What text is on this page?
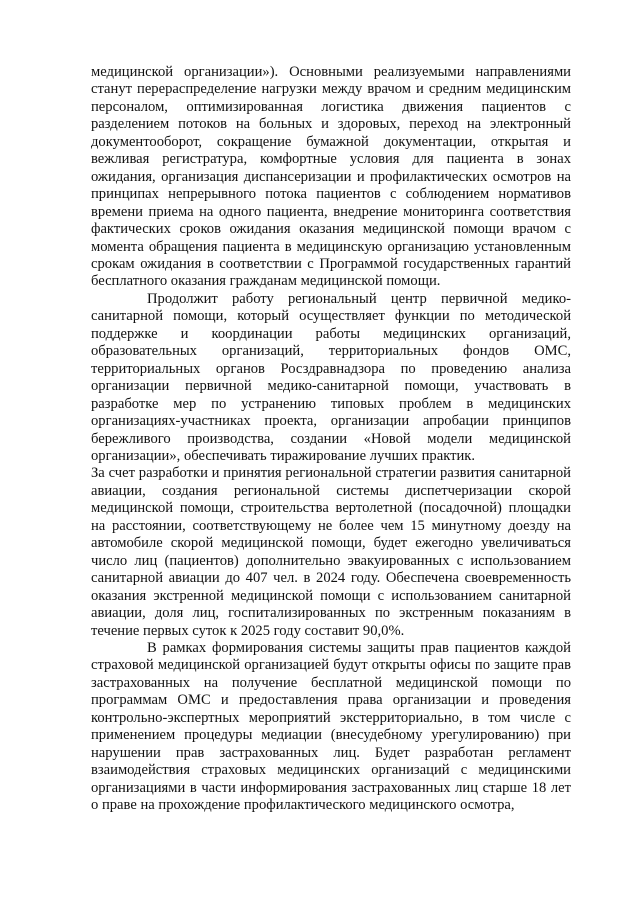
медицинской организации»). Основными реализуемыми направлениями станут перераспределение нагрузки между врачом и средним медицинским персоналом, оптимизированная логистика движения пациентов с разделением потоков на больных и здоровых, переход на электронный документооборот, сокращение бумажной документации, открытая и вежливая регистратура, комфортные условия для пациента в зонах ожидания, организация диспансеризации и профилактических осмотров на принципах непрерывного потока пациентов с соблюдением нормативов времени приема на одного пациента, внедрение мониторинга соответствия фактических сроков ожидания оказания медицинской помощи врачом с момента обращения пациента в медицинскую организацию установленным срокам ожидания в соответствии с Программой государственных гарантий бесплатного оказания гражданам медицинской помощи.

Продолжит работу региональный центр первичной медико-санитарной помощи, который осуществляет функции по методической поддержке и координации работы медицинских организаций, образовательных организаций, территориальных фондов ОМС, территориальных органов Росздравнадзора по проведению анализа организации первичной медико-санитарной помощи, участвовать в разработке мер по устранению типовых проблем в медицинских организациях-участниках проекта, организации апробации принципов бережливого производства, создании «Новой модели медицинской организации», обеспечивать тиражирование лучших практик.

За счет разработки и принятия региональной стратегии развития санитарной авиации, создания региональной системы диспетчеризации скорой медицинской помощи, строительства вертолетной (посадочной) площадки на расстоянии, соответствующему не более чем 15 минутному доезду на автомобиле скорой медицинской помощи, будет ежегодно увеличиваться число лиц (пациентов) дополнительно эвакуированных с использованием санитарной авиации до 407 чел. в 2024 году. Обеспечена своевременность оказания экстренной медицинской помощи с использованием санитарной авиации, доля лиц, госпитализированных по экстренным показаниям в течение первых суток к 2025 году составит 90,0%.

В рамках формирования системы защиты прав пациентов каждой страховой медицинской организацией будут открыты офисы по защите прав застрахованных на получение бесплатной медицинской помощи по программам ОМС и предоставления права организации и проведения контрольно-экспертных мероприятий экстерриториально, в том числе с применением процедуры медиации (внесудебному урегулированию) при нарушении прав застрахованных лиц. Будет разработан регламент взаимодействия страховых медицинских организаций с медицинскими организациями в части информирования застрахованных лиц старше 18 лет о праве на прохождение профилактического медицинского осмотра,
